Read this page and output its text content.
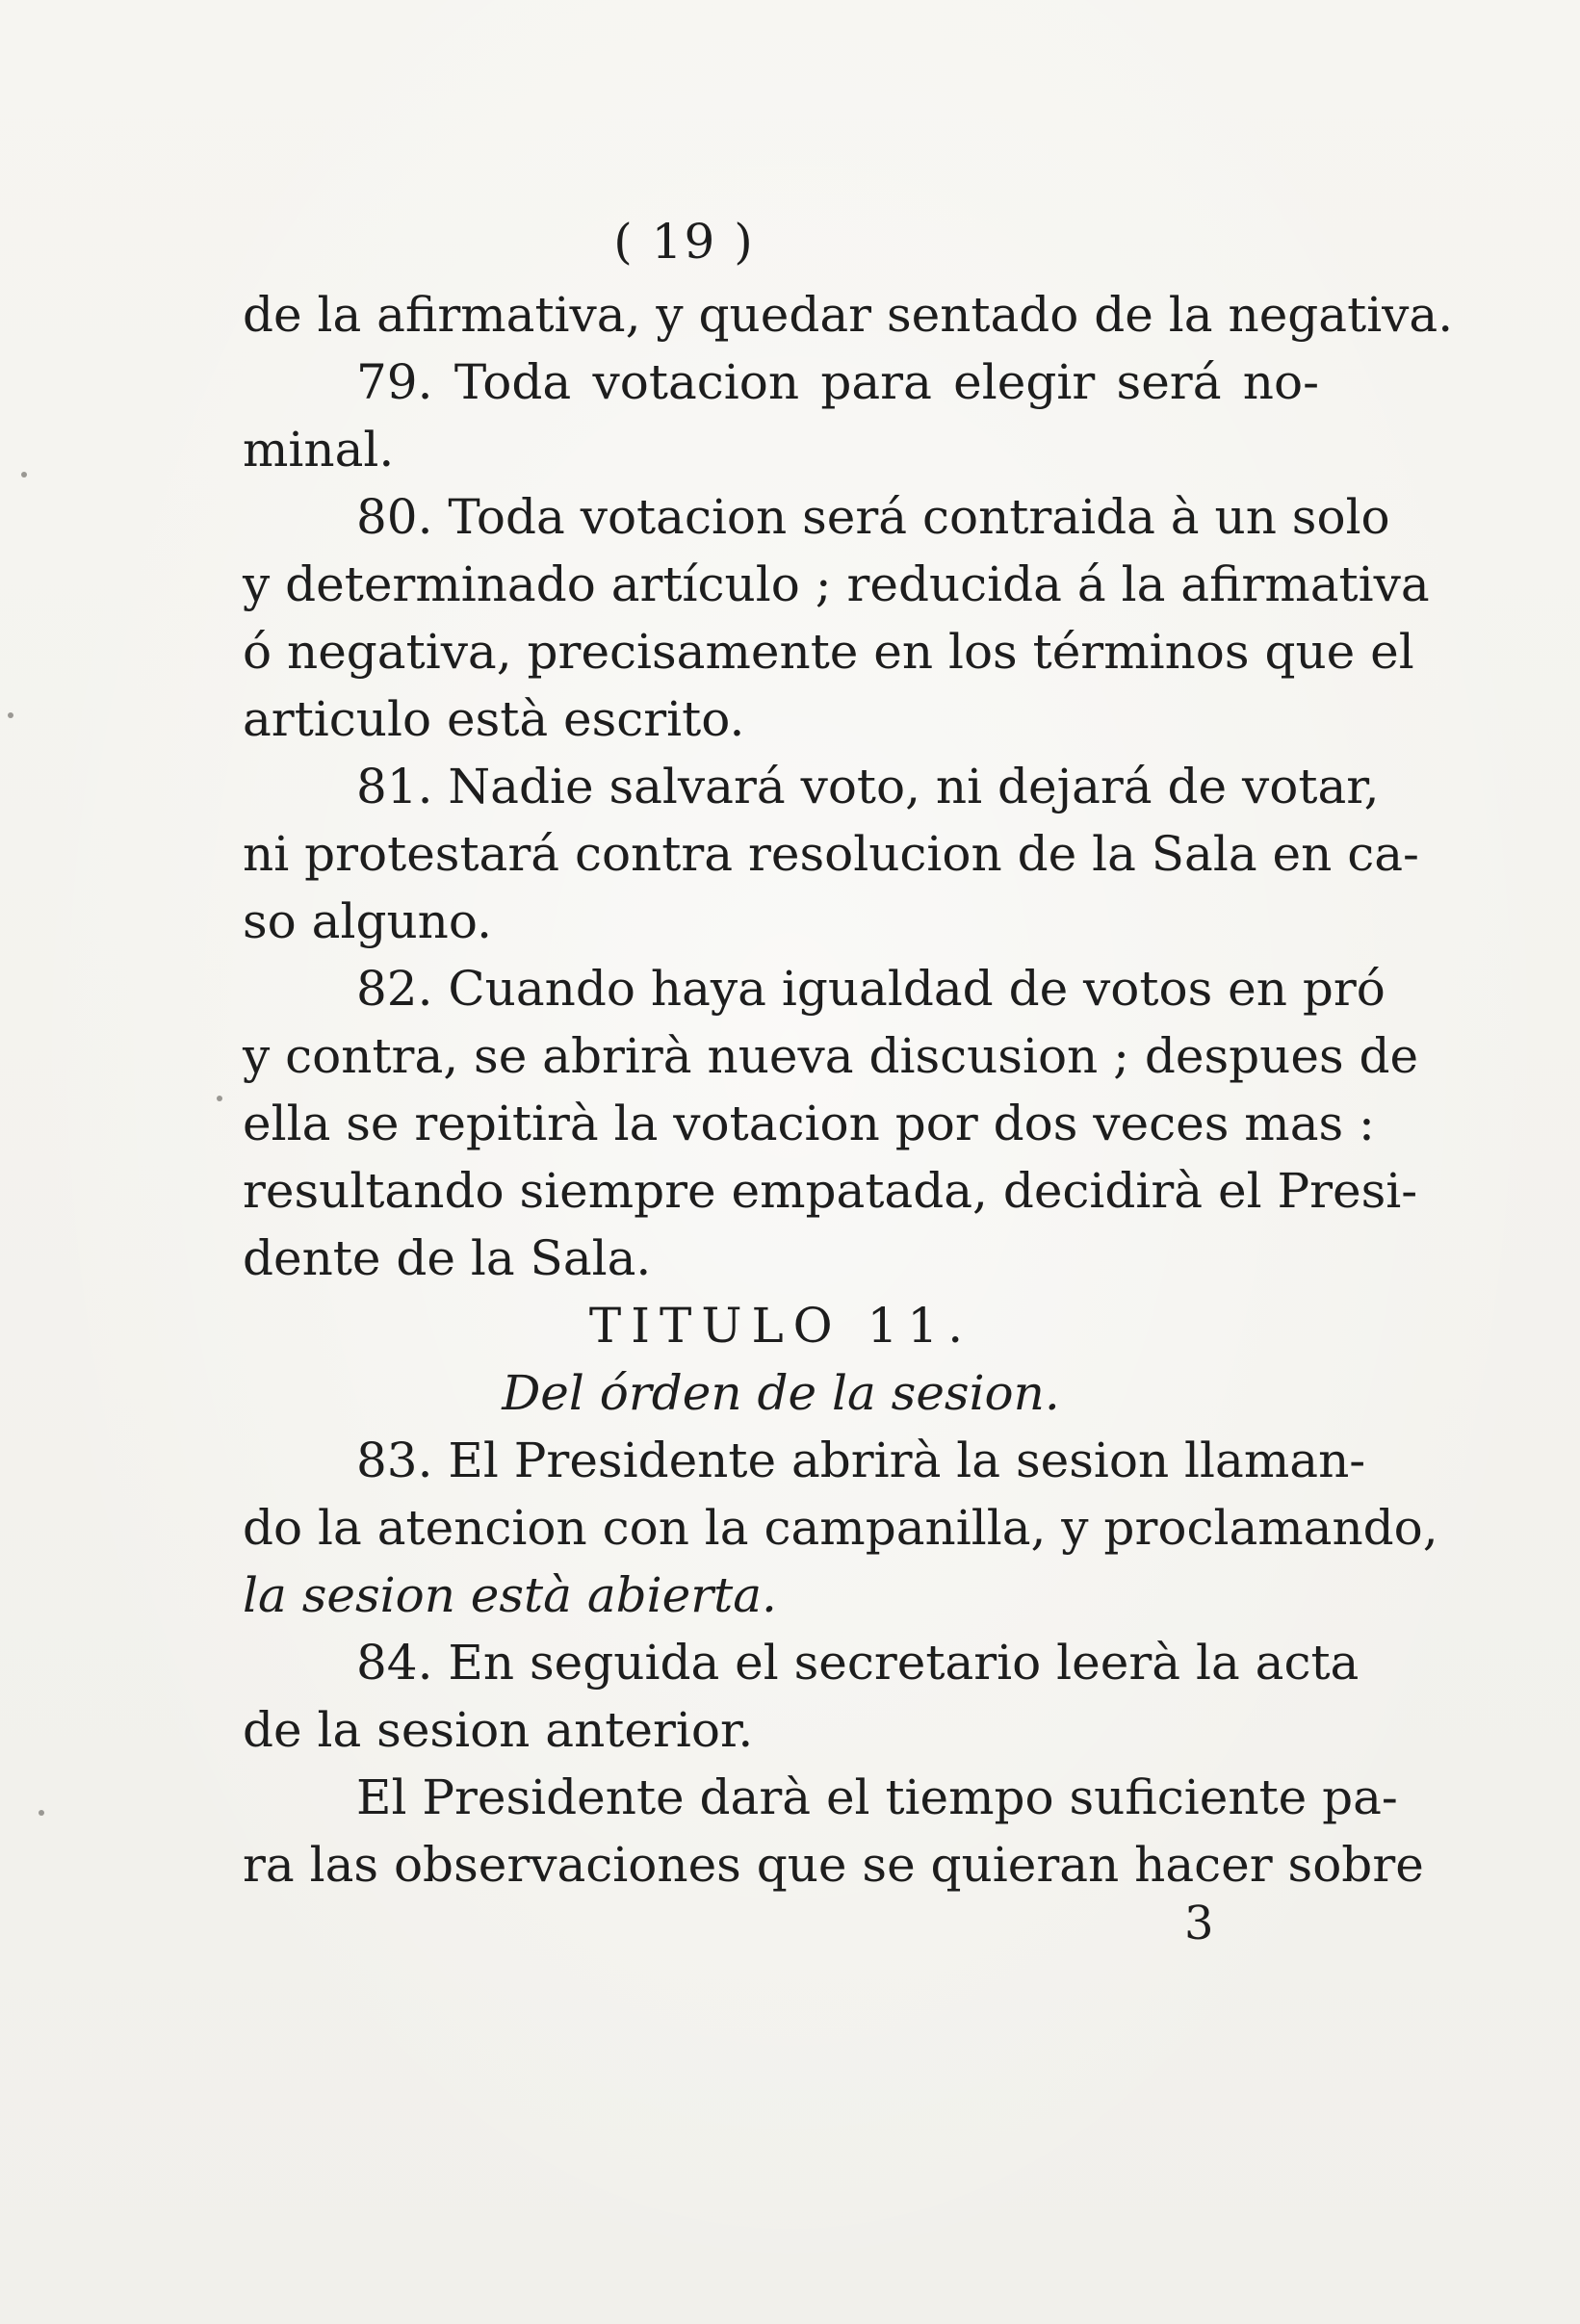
( 19 )
de la afirmativa, y quedar sentado de la negativa.
79. Toda votacion para elegir será no-
minal.
80. Toda votacion será contraida à un solo
y determinado artículo ; reducida á la afirmativa
ó negativa, precisamente en los términos que el
articulo està escrito.
81. Nadie salvará voto, ni dejará de votar,
ni protestará contra resolucion de la Sala en ca-
so alguno.
82. Cuando haya igualdad de votos en pró
y contra, se abrirà nueva discusion ; despues de
ella se repitirà la votacion por dos veces mas :
resultando siempre empatada, decidirà el Presi-
dente de la Sala.
TITULO 11.
Del órden de la sesion.
83. El Presidente abrirà la sesion llaman-
do la atencion con la campanilla, y proclamando,
la sesion està abierta.
84. En seguida el secretario leerà la acta
de la sesion anterior.
El Presidente darà el tiempo suficiente pa-
ra las observaciones que se quieran hacer sobre
3
